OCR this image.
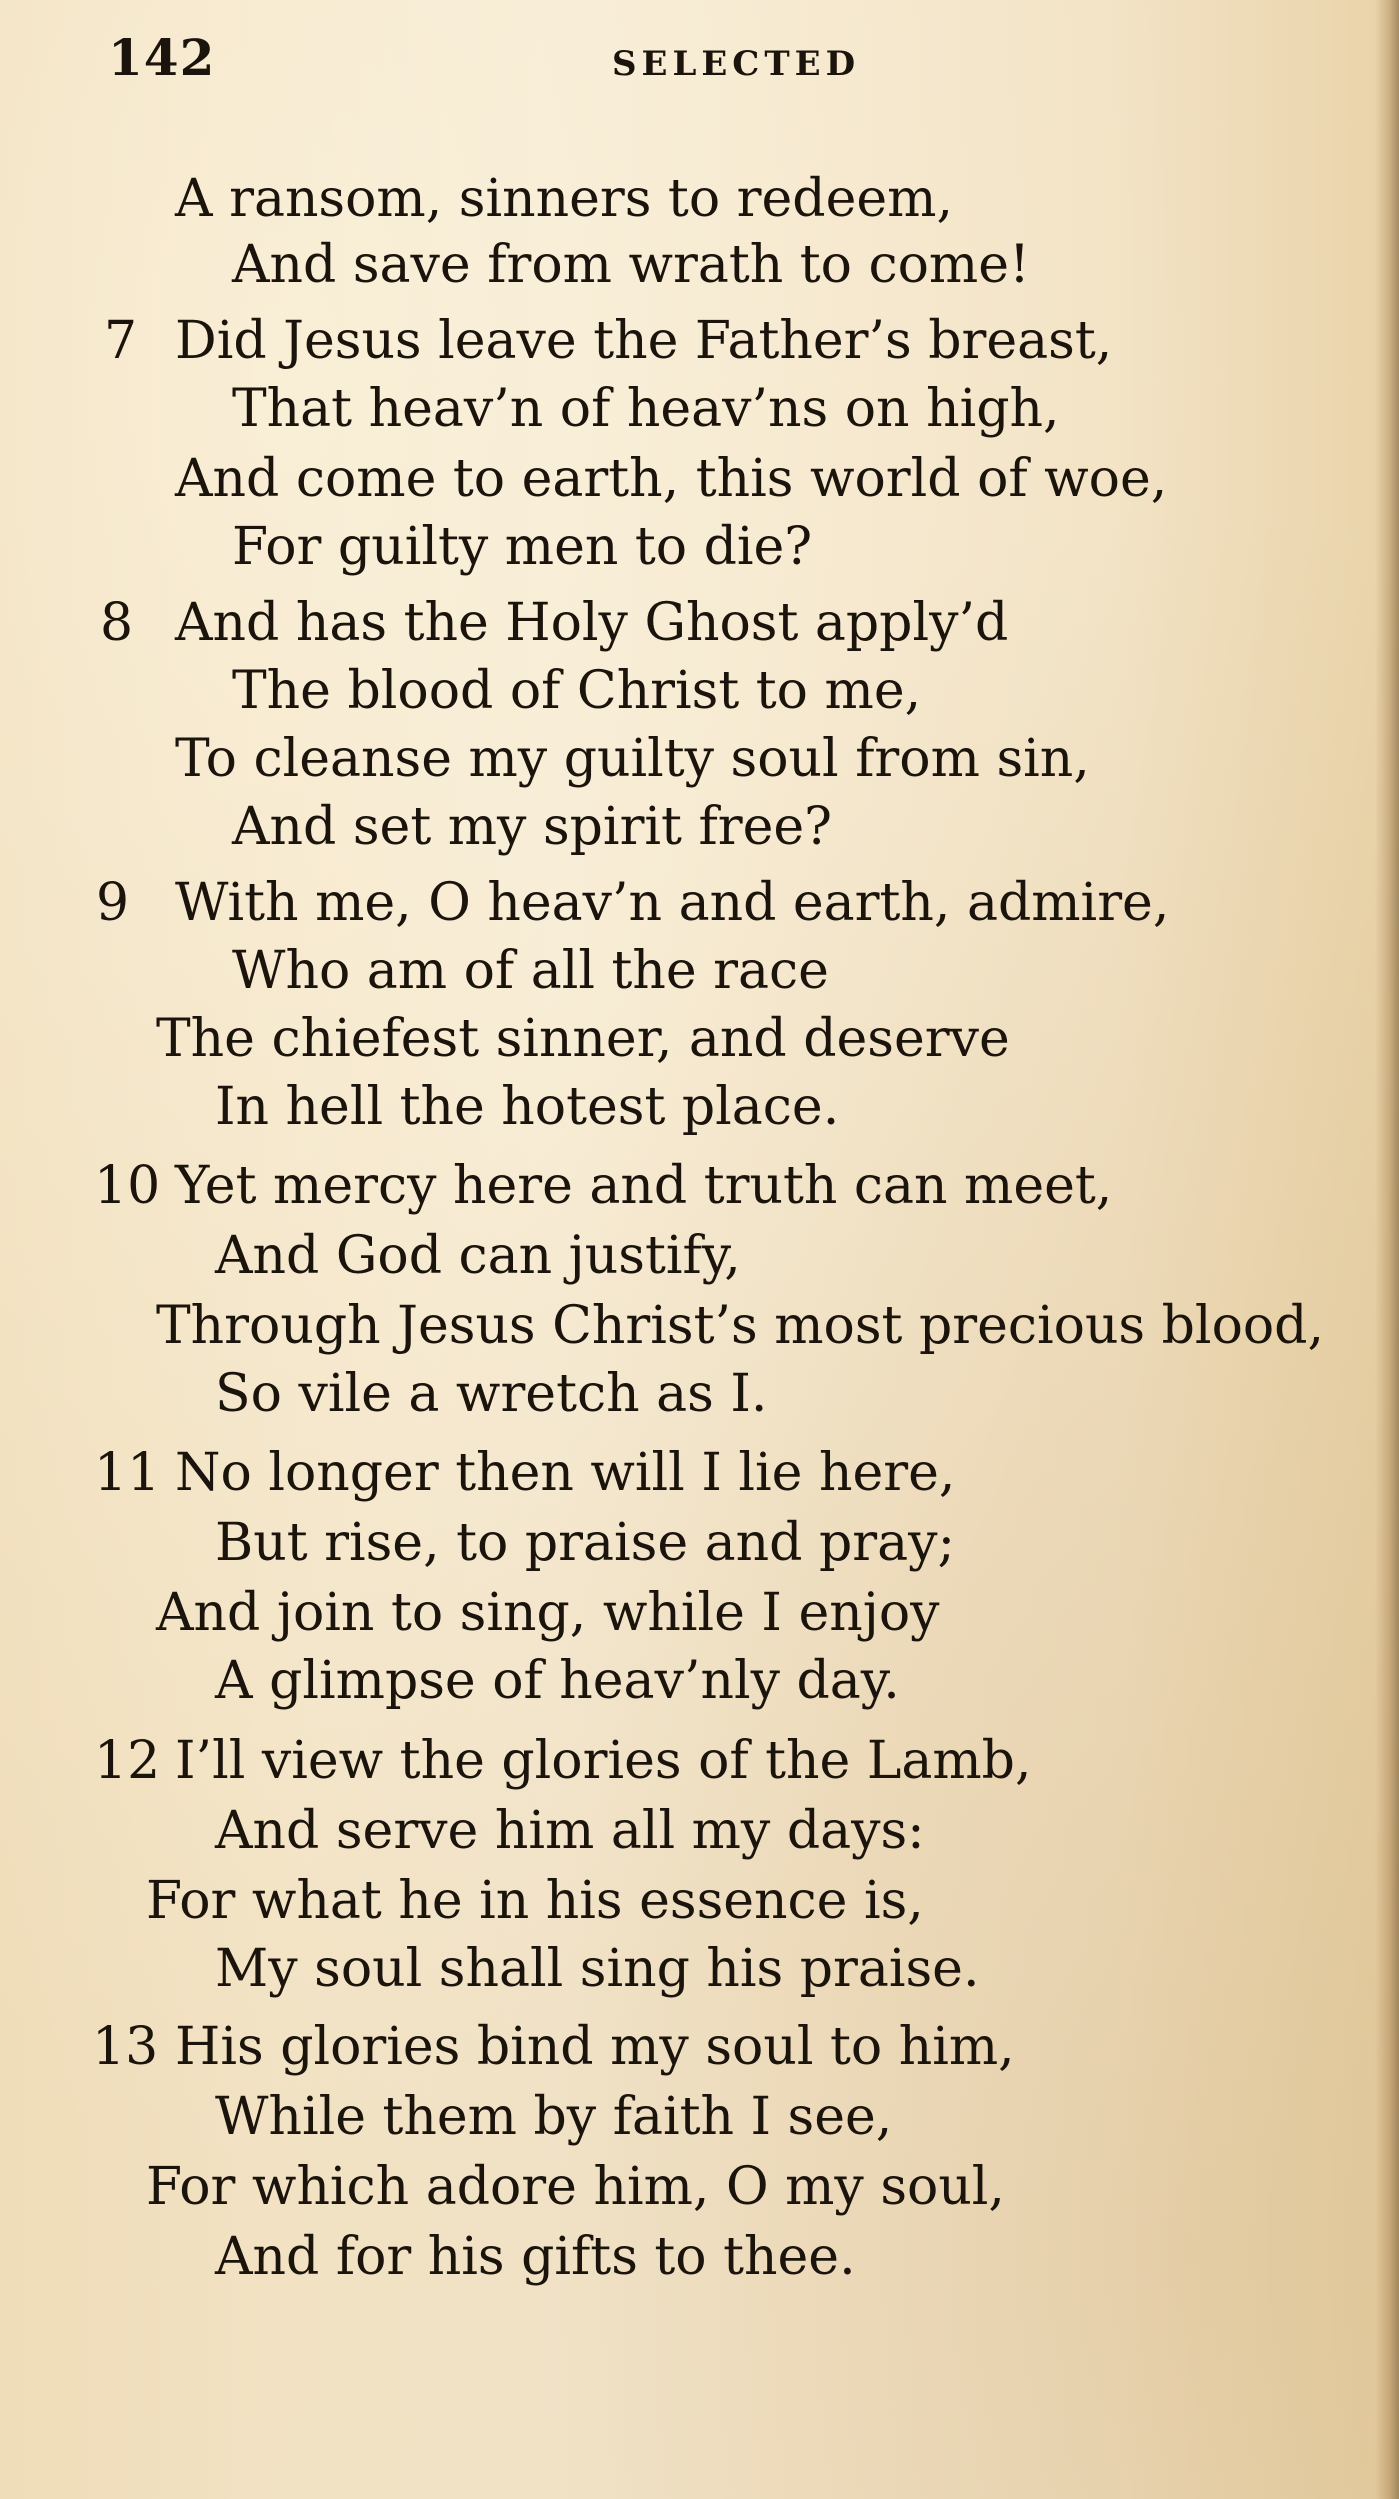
142	SELECTED
A ransom, sinners to redeem,
And save from wrath to come!
7 Did Jesus leave the Father’s breast,
That heav’n of heav’ns on high,
And come to earth, this world of woe,
For guilty men to die?
8 And has the Holy Ghost apply’d
The blood of Christ to me,
To cleanse my guilty soul from sin,
And set my spirit free?
9 With me, O heav’n and earth, admire,
Who am of all the race
The chiefest sinner, and deserve
In hell the hotest place.
10 Yet mercy here and truth can meet,
And God can justify,
Through Jesus Christ’s most precious blood,
So vile a wretch as I.
11 No longer then will I lie here,
But rise, to praise and pray;
And join to sing, while I enjoy
A glimpse of heav’nly day.
12 I’ll view the glories of the Lamb,
And serve him all my days:
For what he in his essence is,
My soul shall sing his praise.
13 His glories bind my soul to him,
While them by faith I see,
For which adore him, O my soul,
And for his gifts to thee.
